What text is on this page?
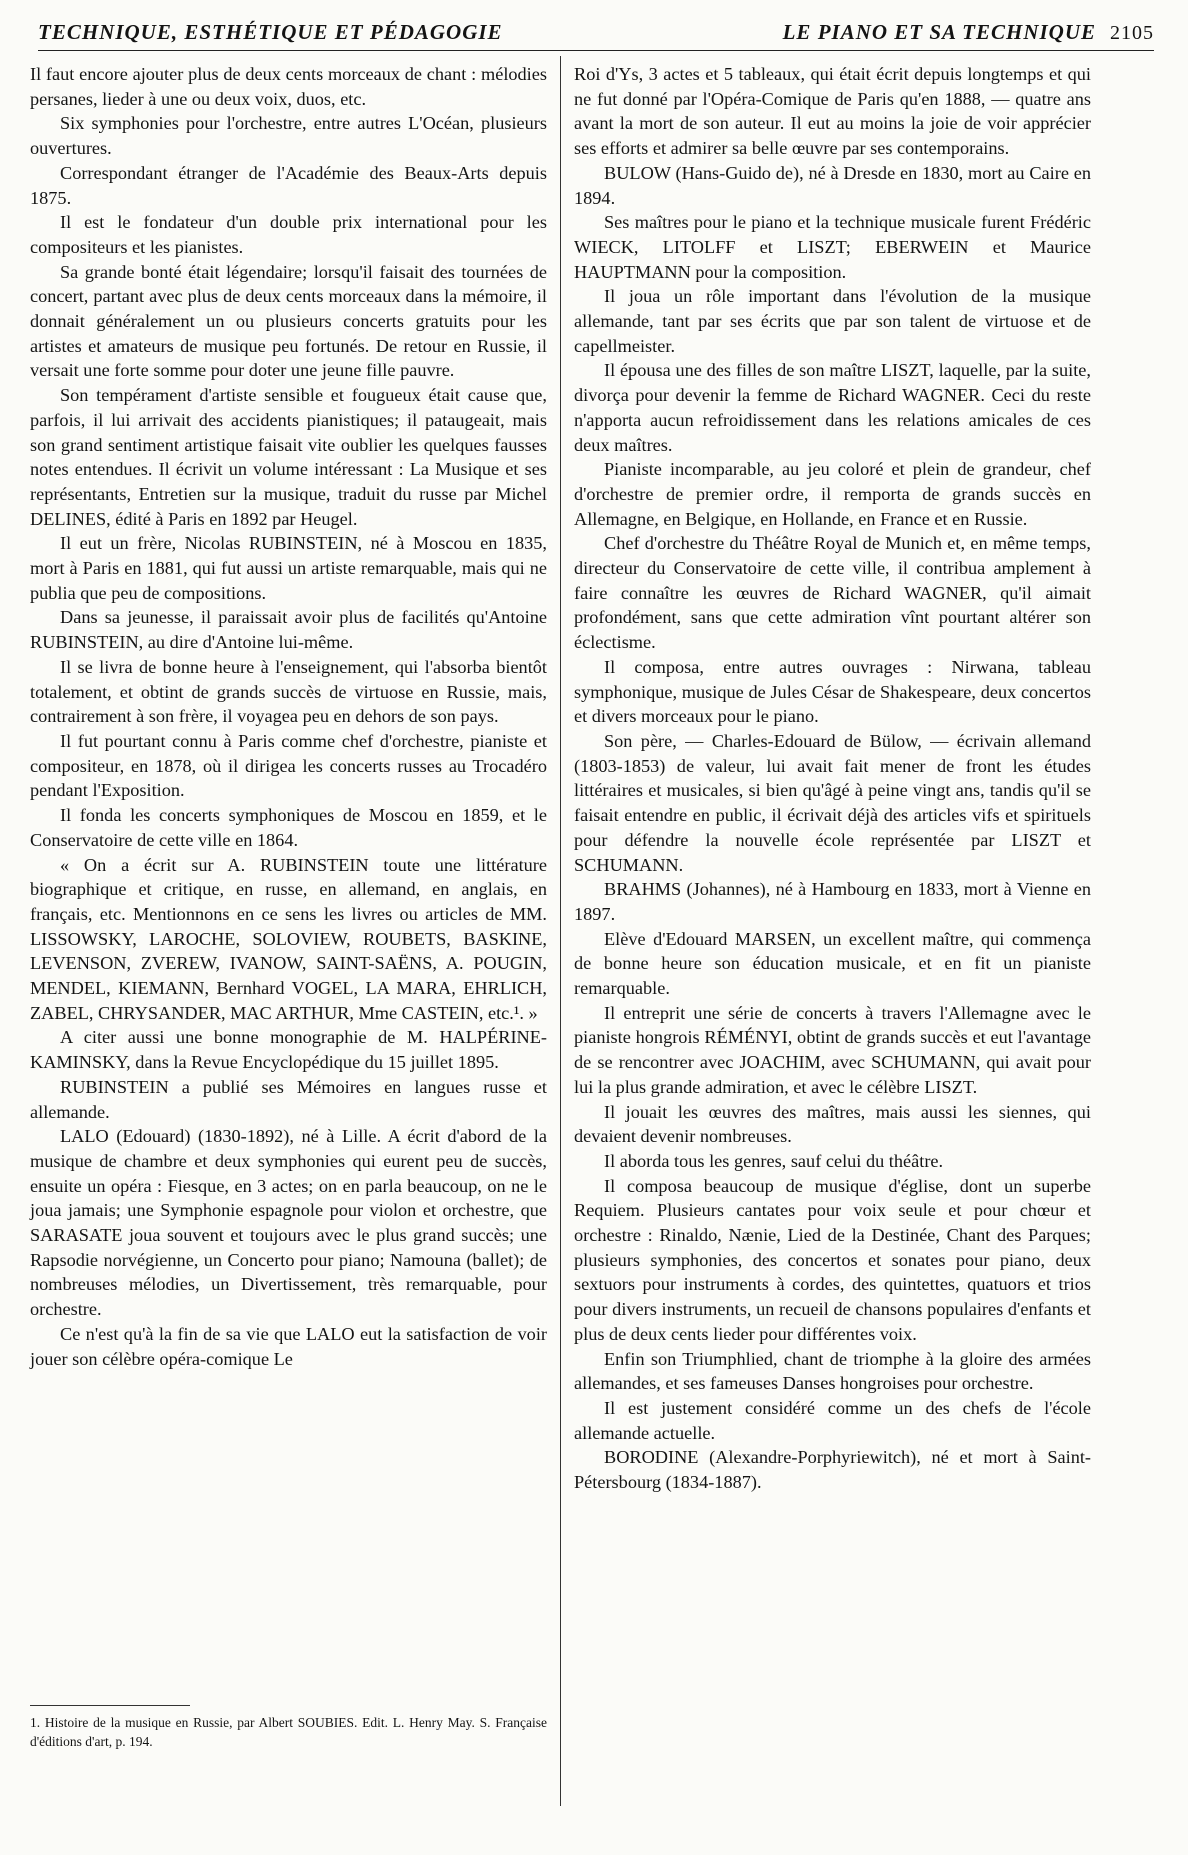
TECHNIQUE, ESTHÉTIQUE ET PÉDAGOGIE	LE PIANO ET SA TECHNIQUE 2105

Il faut encore ajouter plus de deux cents morceaux de chant : mélodies persanes, lieder à une ou deux voix, duos, etc.

Six symphonies pour l'orchestre, entre autres L'Océan, plusieurs ouvertures.

Correspondant étranger de l'Académie des Beaux-Arts depuis 1875.

Il est le fondateur d'un double prix international pour les compositeurs et les pianistes.

Sa grande bonté était légendaire; lorsqu'il faisait des tournées de concert, partant avec plus de deux cents morceaux dans la mémoire, il donnait généralement un ou plusieurs concerts gratuits pour les artistes et amateurs de musique peu fortunés. De retour en Russie, il versait une forte somme pour doter une jeune fille pauvre.

Son tempérament d'artiste sensible et fougueux était cause que, parfois, il lui arrivait des accidents pianistiques; il pataugeait, mais son grand sentiment artistique faisait vite oublier les quelques fausses notes entendues. Il écrivit un volume intéressant : La Musique et ses représentants, Entretien sur la musique, traduit du russe par Michel DELINES, édité à Paris en 1892 par Heugel.

Il eut un frère, Nicolas RUBINSTEIN, né à Moscou en 1835, mort à Paris en 1881, qui fut aussi un artiste remarquable, mais qui ne publia que peu de compositions.

Dans sa jeunesse, il paraissait avoir plus de facilités qu'Antoine RUBINSTEIN, au dire d'Antoine lui-même.

Il se livra de bonne heure à l'enseignement, qui l'absorba bientôt totalement, et obtint de grands succès de virtuose en Russie, mais, contrairement à son frère, il voyagea peu en dehors de son pays.

Il fut pourtant connu à Paris comme chef d'orchestre, pianiste et compositeur, en 1878, où il dirigea les concerts russes au Trocadéro pendant l'Exposition.

Il fonda les concerts symphoniques de Moscou en 1859, et le Conservatoire de cette ville en 1864.

« On a écrit sur A. RUBINSTEIN toute une littérature biographique et critique, en russe, en allemand, en anglais, en français, etc. Mentionnons en ce sens les livres ou articles de MM. LISSOWSKY, LAROCHE, SOLOVIEW, ROUBETS, BASKINE, LEVENSON, ZVEREW, IVANOW, SAINT-SAËNS, A. POUGIN, MENDEL, KIEMANN, Bernhard VOGEL, LA MARA, EHRLICH, ZABEL, CHRYSANDER, MAC ARTHUR, Mme CASTEIN, etc.¹. »

A citer aussi une bonne monographie de M. HALPÉRINE-KAMINSKY, dans la Revue Encyclopédique du 15 juillet 1895.

RUBINSTEIN a publié ses Mémoires en langues russe et allemande.

LALO (Edouard) (1830-1892), né à Lille. A écrit d'abord de la musique de chambre et deux symphonies qui eurent peu de succès, ensuite un opéra : Fiesque, en 3 actes; on en parla beaucoup, on ne le joua jamais; une Symphonie espagnole pour violon et orchestre, que SARASATE joua souvent et toujours avec le plus grand succès; une Rapsodie norvégienne, un Concerto pour piano; Namouna (ballet); de nombreuses mélodies, un Divertissement, très remarquable, pour orchestre.

Ce n'est qu'à la fin de sa vie que LALO eut la satisfaction de voir jouer son célèbre opéra-comique Le

1. Histoire de la musique en Russie, par Albert SOUBIES. Edit. L. Henry May. S. Française d'éditions d'art, p. 194.

Roi d'Ys, 3 actes et 5 tableaux, qui était écrit depuis longtemps et qui ne fut donné par l'Opéra-Comique de Paris qu'en 1888, — quatre ans avant la mort de son auteur. Il eut au moins la joie de voir apprécier ses efforts et admirer sa belle œuvre par ses contemporains.

BULOW (Hans-Guido de), né à Dresde en 1830, mort au Caire en 1894.

Ses maîtres pour le piano et la technique musicale furent Frédéric WIECK, LITOLFF et LISZT; EBERWEIN et Maurice HAUPTMANN pour la composition.

Il joua un rôle important dans l'évolution de la musique allemande, tant par ses écrits que par son talent de virtuose et de capellmeister.

Il épousa une des filles de son maître LISZT, laquelle, par la suite, divorça pour devenir la femme de Richard WAGNER. Ceci du reste n'apporta aucun refroidissement dans les relations amicales de ces deux maîtres.

Pianiste incomparable, au jeu coloré et plein de grandeur, chef d'orchestre de premier ordre, il remporta de grands succès en Allemagne, en Belgique, en Hollande, en France et en Russie.

Chef d'orchestre du Théâtre Royal de Munich et, en même temps, directeur du Conservatoire de cette ville, il contribua amplement à faire connaître les œuvres de Richard WAGNER, qu'il aimait profondément, sans que cette admiration vînt pourtant altérer son éclectisme.

Il composa, entre autres ouvrages : Nirwana, tableau symphonique, musique de Jules César de Shakespeare, deux concertos et divers morceaux pour le piano.

Son père, — Charles-Edouard de Bülow, — écrivain allemand (1803-1853) de valeur, lui avait fait mener de front les études littéraires et musicales, si bien qu'âgé à peine vingt ans, tandis qu'il se faisait entendre en public, il écrivait déjà des articles vifs et spirituels pour défendre la nouvelle école représentée par LISZT et SCHUMANN.

BRAHMS (Johannes), né à Hambourg en 1833, mort à Vienne en 1897.

Elève d'Edouard MARSEN, un excellent maître, qui commença de bonne heure son éducation musicale, et en fit un pianiste remarquable.

Il entreprit une série de concerts à travers l'Allemagne avec le pianiste hongrois RÉMÉNYI, obtint de grands succès et eut l'avantage de se rencontrer avec JOACHIM, avec SCHUMANN, qui avait pour lui la plus grande admiration, et avec le célèbre LISZT.

Il jouait les œuvres des maîtres, mais aussi les siennes, qui devaient devenir nombreuses.

Il aborda tous les genres, sauf celui du théâtre.

Il composa beaucoup de musique d'église, dont un superbe Requiem. Plusieurs cantates pour voix seule et pour chœur et orchestre : Rinaldo, Nænie, Lied de la Destinée, Chant des Parques; plusieurs symphonies, des concertos et sonates pour piano, deux sextuors pour instruments à cordes, des quintettes, quatuors et trios pour divers instruments, un recueil de chansons populaires d'enfants et plus de deux cents lieder pour différentes voix.

Enfin son Triumphlied, chant de triomphe à la gloire des armées allemandes, et ses fameuses Danses hongroises pour orchestre.

Il est justement considéré comme un des chefs de l'école allemande actuelle.

BORODINE (Alexandre-Porphyriewitch), né et mort à Saint-Pétersbourg (1834-1887).
